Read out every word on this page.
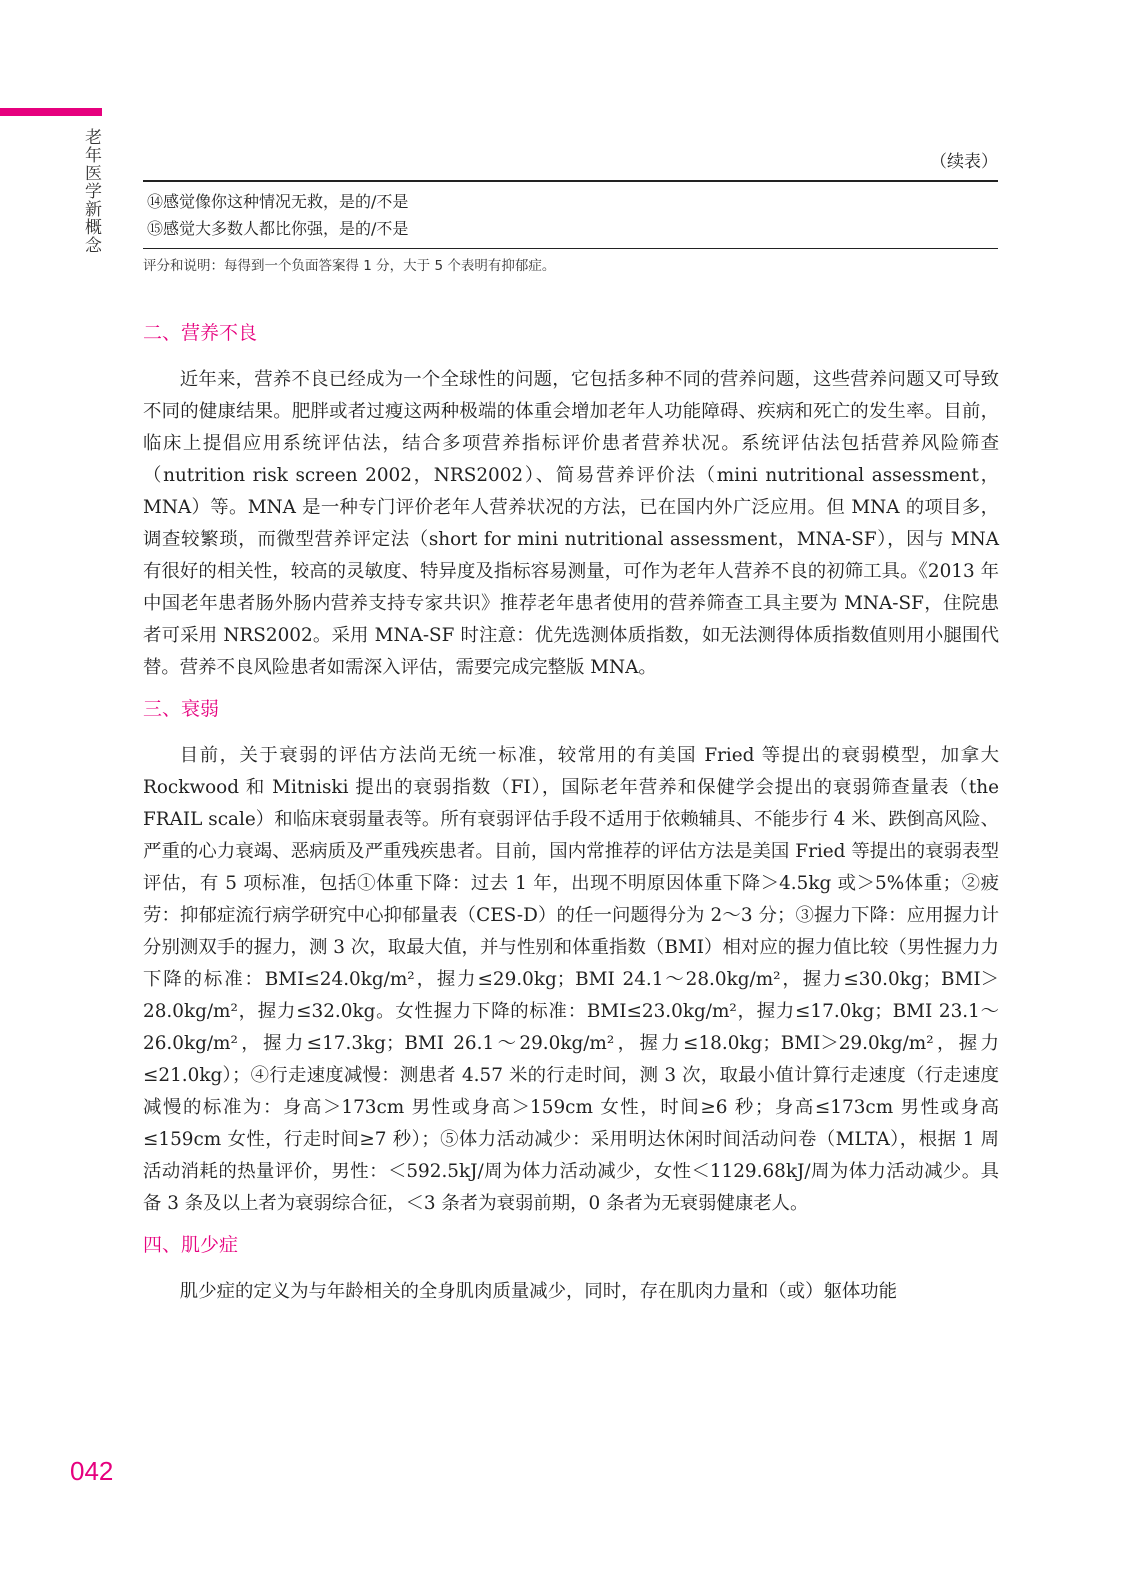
老年医学新概念	（续表）
⑭感觉像你这种情况无救，是的/不是
⑮感觉大多数人都比你强，是的/不是
评分和说明：每得到一个负面答案得 1 分，大于 5 个表明有抑郁症。
二、营养不良

近年来，营养不良已经成为一个全球性的问题，它包括多种不同的营养问题，这些营养问题又可导致不同的健康结果。肥胖或者过瘦这两种极端的体重会增加老年人功能障碍、疾病和死亡的发生率。目前，临床上提倡应用系统评估法，结合多项营养指标评价患者营养状况。系统评估法包括营养风险筛查（nutrition risk screen 2002，NRS2002）、简易营养评价法（mini nutritional assessment，MNA）等。MNA 是一种专门评价老年人营养状况的方法，已在国内外广泛应用。但 MNA 的项目多，调查较繁琐，而微型营养评定法（short for mini nutritional assessment，MNA-SF），因与 MNA 有很好的相关性，较高的灵敏度、特异度及指标容易测量，可作为老年人营养不良的初筛工具。《2013 年中国老年患者肠外肠内营养支持专家共识》推荐老年患者使用的营养筛查工具主要为 MNA-SF，住院患者可采用 NRS2002。采用 MNA-SF 时注意：优先选测体质指数，如无法测得体质指数值则用小腿围代替。营养不良风险患者如需深入评估，需要完成完整版 MNA。

三、衰弱

目前，关于衰弱的评估方法尚无统一标准，较常用的有美国 Fried 等提出的衰弱模型，加拿大 Rockwood 和 Mitniski 提出的衰弱指数（FI），国际老年营养和保健学会提出的衰弱筛查量表（the FRAIL scale）和临床衰弱量表等。所有衰弱评估手段不适用于依赖辅具、不能步行 4 米、跌倒高风险、严重的心力衰竭、恶病质及严重残疾患者。目前，国内常推荐的评估方法是美国 Fried 等提出的衰弱表型评估，有 5 项标准，包括①体重下降：过去 1 年，出现不明原因体重下降＞4.5kg 或＞5%体重；②疲劳：抑郁症流行病学研究中心抑郁量表（CES-D）的任一问题得分为 2～3 分；③握力下降：应用握力计分别测双手的握力，测 3 次，取最大值，并与性别和体重指数（BMI）相对应的握力值比较（男性握力力下降的标准：BMI≤24.0kg/m²，握力≤29.0kg；BMI 24.1～28.0kg/m²，握力≤30.0kg；BMI＞28.0kg/m²，握力≤32.0kg。女性握力下降的标准：BMI≤23.0kg/m²，握力≤17.0kg；BMI 23.1～26.0kg/m²，握力≤17.3kg；BMI 26.1～29.0kg/m²，握力≤18.0kg；BMI＞29.0kg/m²，握力≤21.0kg）；④行走速度减慢：测患者 4.57 米的行走时间，测 3 次，取最小值计算行走速度（行走速度减慢的标准为：身高＞173cm 男性或身高＞159cm 女性，时间≥6 秒；身高≤173cm 男性或身高≤159cm 女性，行走时间≥7 秒）；⑤体力活动减少：采用明达休闲时间活动问卷（MLTA），根据 1 周活动消耗的热量评价，男性：＜592.5kJ/周为体力活动减少，女性＜1129.68kJ/周为体力活动减少。具备 3 条及以上者为衰弱综合征，＜3 条者为衰弱前期，0 条者为无衰弱健康老人。

四、肌少症

肌少症的定义为与年龄相关的全身肌肉质量减少，同时，存在肌肉力量和（或）躯体功能

042
